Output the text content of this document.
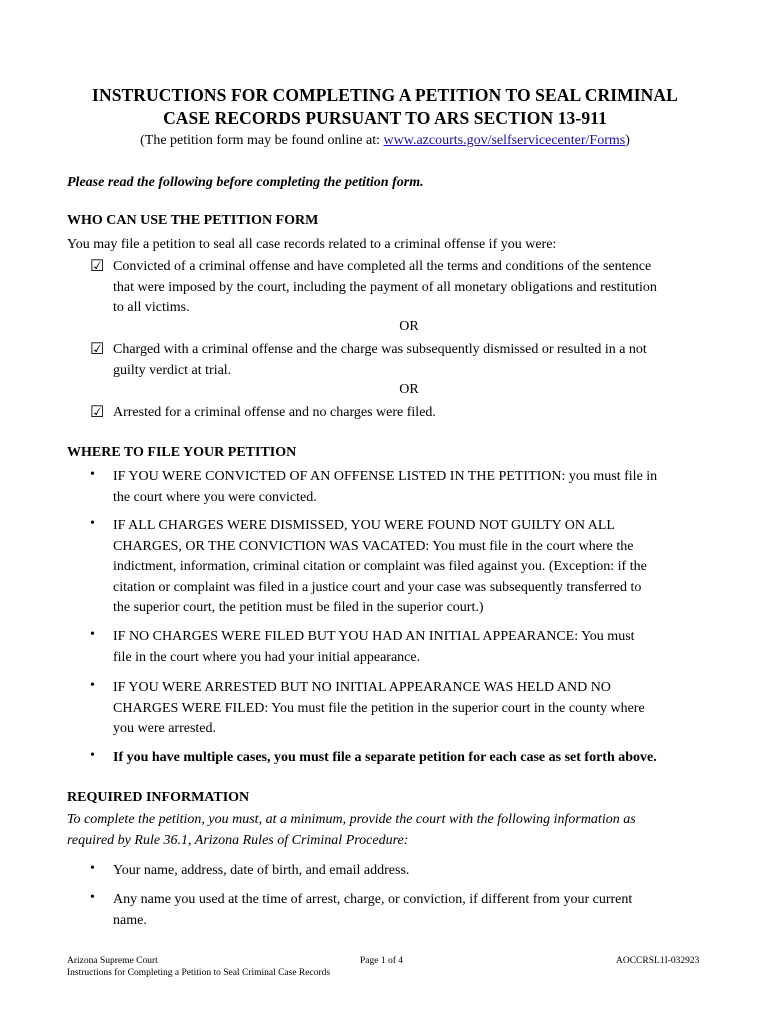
INSTRUCTIONS FOR COMPLETING A PETITION TO SEAL CRIMINAL
CASE RECORDS PURSUANT TO ARS SECTION 13-911
(The petition form may be found online at: www.azcourts.gov/selfservicecenter/Forms)
Please read the following before completing the petition form.
WHO CAN USE THE PETITION FORM
You may file a petition to seal all case records related to a criminal offense if you were:
☑ Convicted of a criminal offense and have completed all the terms and conditions of the sentence
that were imposed by the court, including the payment of all monetary obligations and restitution
to all victims.
OR
☑ Charged with a criminal offense and the charge was subsequently dismissed or resulted in a not
guilty verdict at trial.
OR
☑ Arrested for a criminal offense and no charges were filed.
WHERE TO FILE YOUR PETITION
• IF YOU WERE CONVICTED OF AN OFFENSE LISTED IN THE PETITION: you must file in
the court where you were convicted.
• IF ALL CHARGES WERE DISMISSED, YOU WERE FOUND NOT GUILTY ON ALL
CHARGES, OR THE CONVICTION WAS VACATED: You must file in the court where the
indictment, information, criminal citation or complaint was filed against you. (Exception: if the
citation or complaint was filed in a justice court and your case was subsequently transferred to
the superior court, the petition must be filed in the superior court.)
• IF NO CHARGES WERE FILED BUT YOU HAD AN INITIAL APPEARANCE: You must
file in the court where you had your initial appearance.
• IF YOU WERE ARRESTED BUT NO INITIAL APPEARANCE WAS HELD AND NO
CHARGES WERE FILED: You must file the petition in the superior court in the county where
you were arrested.
• If you have multiple cases, you must file a separate petition for each case as set forth above.
REQUIRED INFORMATION
To complete the petition, you must, at a minimum, provide the court with the following information as
required by Rule 36.1, Arizona Rules of Criminal Procedure:
• Your name, address, date of birth, and email address.
• Any name you used at the time of arrest, charge, or conviction, if different from your current
name.
Arizona Supreme Court
Instructions for Completing a Petition to Seal Criminal Case Records
Page 1 of 4	AOCCRSL1I-032923
